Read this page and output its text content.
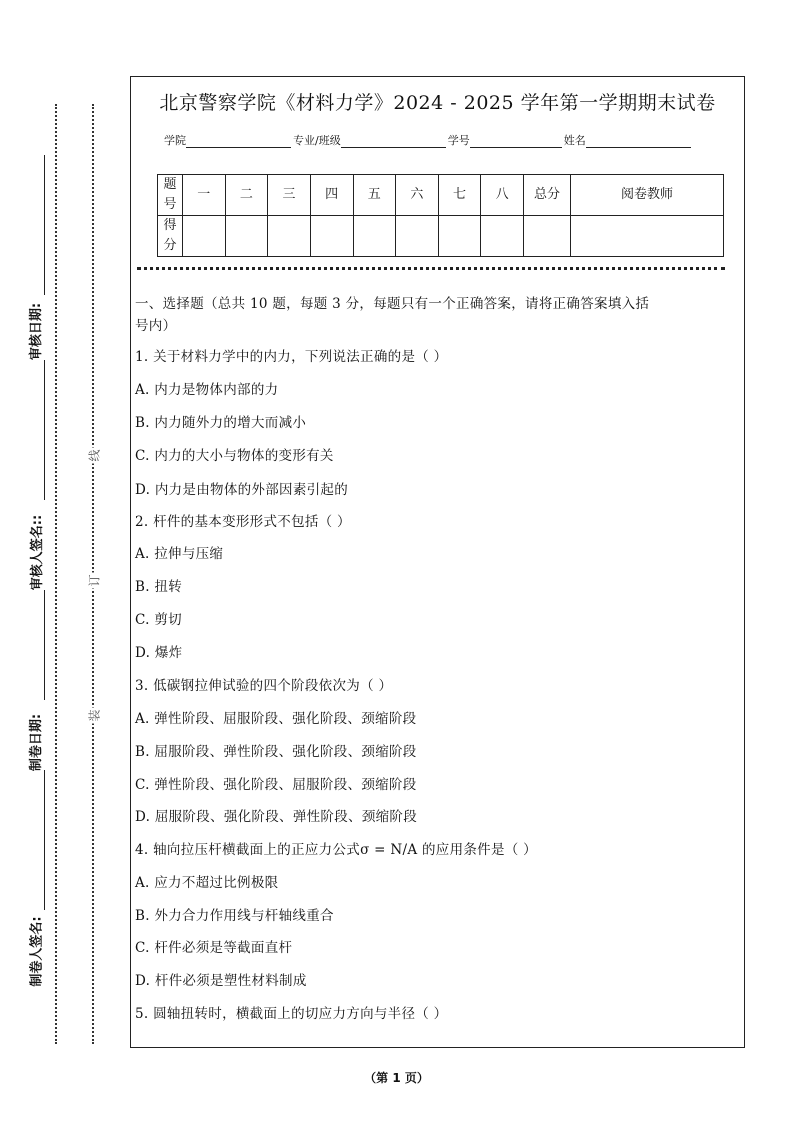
审核日期:
审核人签名::
制卷日期:
制卷人签名:
线
订
装
北京警察学院《材料力学》2024 - 2025 学年第一学期期末试卷
学院	专业/班级	学号	姓名
题号	一	二	三	四	五	六	七	八	总分	阅卷教师
得分										
一、选择题（总共 10 题，每题 3 分，每题只有一个正确答案，请将正确答案填入括
号内）
1. 关于材料力学中的内力，下列说法正确的是（ ）
A. 内力是物体内部的力
B. 内力随外力的增大而减小
C. 内力的大小与物体的变形有关
D. 内力是由物体的外部因素引起的
2. 杆件的基本变形形式不包括（ ）
A. 拉伸与压缩
B. 扭转
C. 剪切
D. 爆炸
3. 低碳钢拉伸试验的四个阶段依次为（ ）
A. 弹性阶段、屈服阶段、强化阶段、颈缩阶段
B. 屈服阶段、弹性阶段、强化阶段、颈缩阶段
C. 弹性阶段、强化阶段、屈服阶段、颈缩阶段
D. 屈服阶段、强化阶段、弹性阶段、颈缩阶段
4. 轴向拉压杆横截面上的正应力公式σ = N/A 的应用条件是（ ）
A. 应力不超过比例极限
B. 外力合力作用线与杆轴线重合
C. 杆件必须是等截面直杆
D. 杆件必须是塑性材料制成
5. 圆轴扭转时，横截面上的切应力方向与半径（ ）
（第 1 页）
